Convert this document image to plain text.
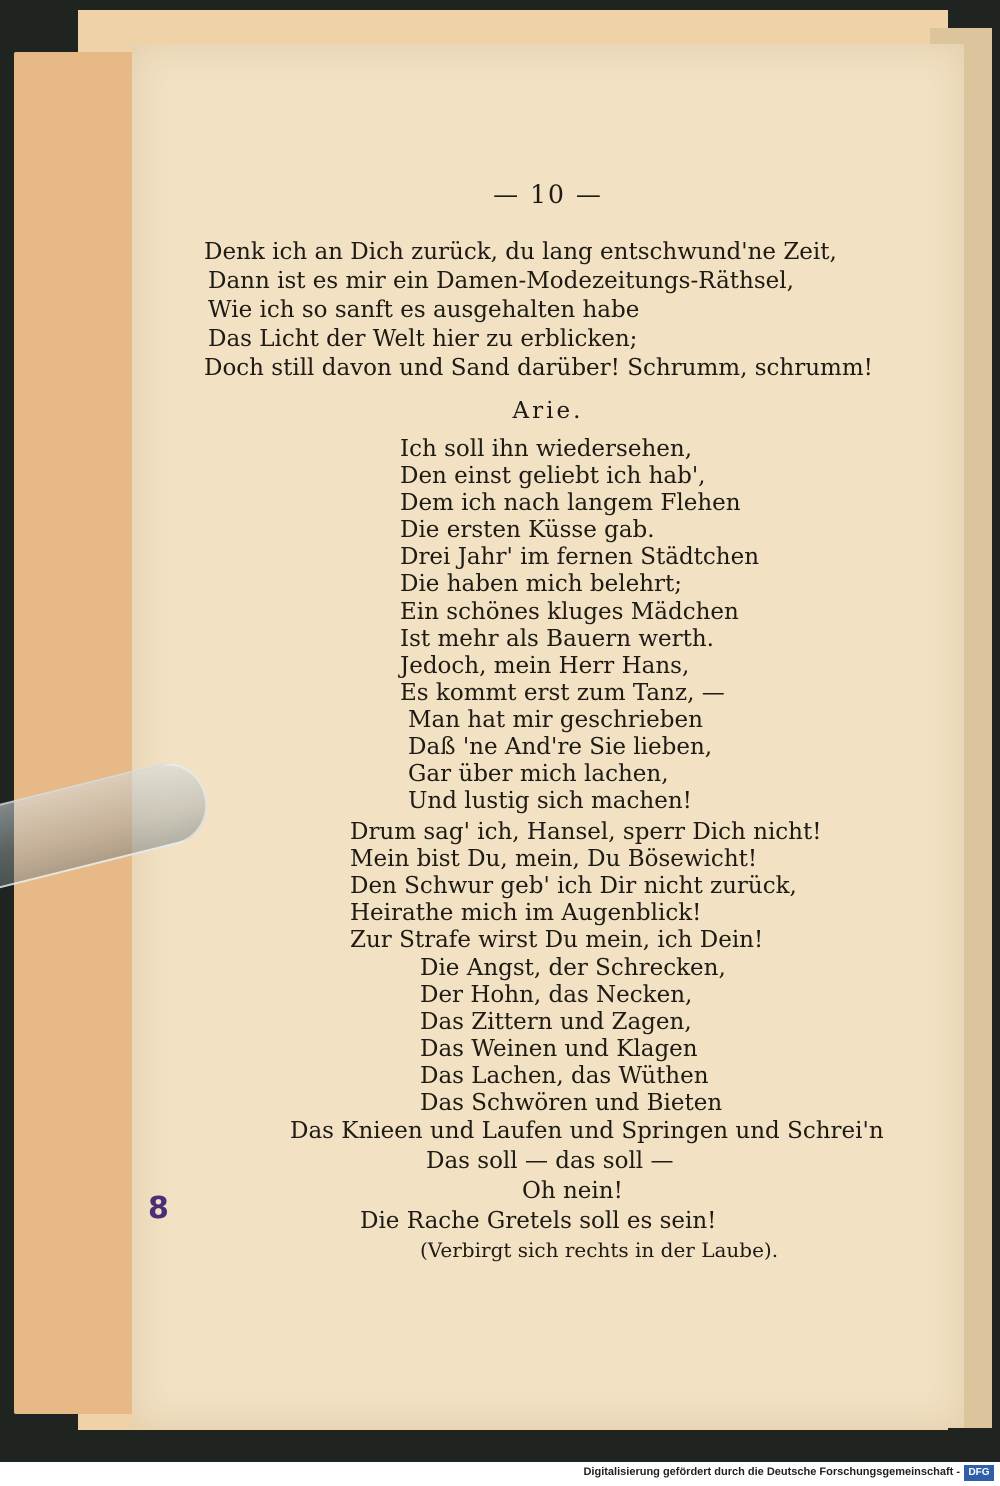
— 10 —
Denk ich an Dich zurück, du lang entschwund'ne Zeit,
Dann ist es mir ein Damen-Modezeitungs-Räthsel,
Wie ich so sanft es ausgehalten habe
Das Licht der Welt hier zu erblicken;
Doch still davon und Sand darüber! Schrumm, schrumm!
Arie.
Ich soll ihn wiedersehen,
Den einst geliebt ich hab',
Dem ich nach langem Flehen
Die ersten Küsse gab.
Drei Jahr' im fernen Städtchen
Die haben mich belehrt;
Ein schönes kluges Mädchen
Ist mehr als Bauern werth.
Jedoch, mein Herr Hans,
Es kommt erst zum Tanz, —
Man hat mir geschrieben
Daß 'ne And're Sie lieben,
Gar über mich lachen,
Und lustig sich machen!
Drum sag' ich, Hansel, sperr Dich nicht!
Mein bist Du, mein, Du Bösewicht!
Den Schwur geb' ich Dir nicht zurück,
Heirathe mich im Augenblick!
Zur Strafe wirst Du mein, ich Dein!
Die Angst, der Schrecken,
Der Hohn, das Necken,
Das Zittern und Zagen,
Das Weinen und Klagen
Das Lachen, das Wüthen
Das Schwören und Bieten
Das Knieen und Laufen und Springen und Schrei'n
Das soll — das soll —
Oh nein!
Die Rache Gretels soll es sein!
(Verbirgt sich rechts in der Laube).
8
Digitalisierung gefördert durch die Deutsche Forschungsgemeinschaft - DFG
